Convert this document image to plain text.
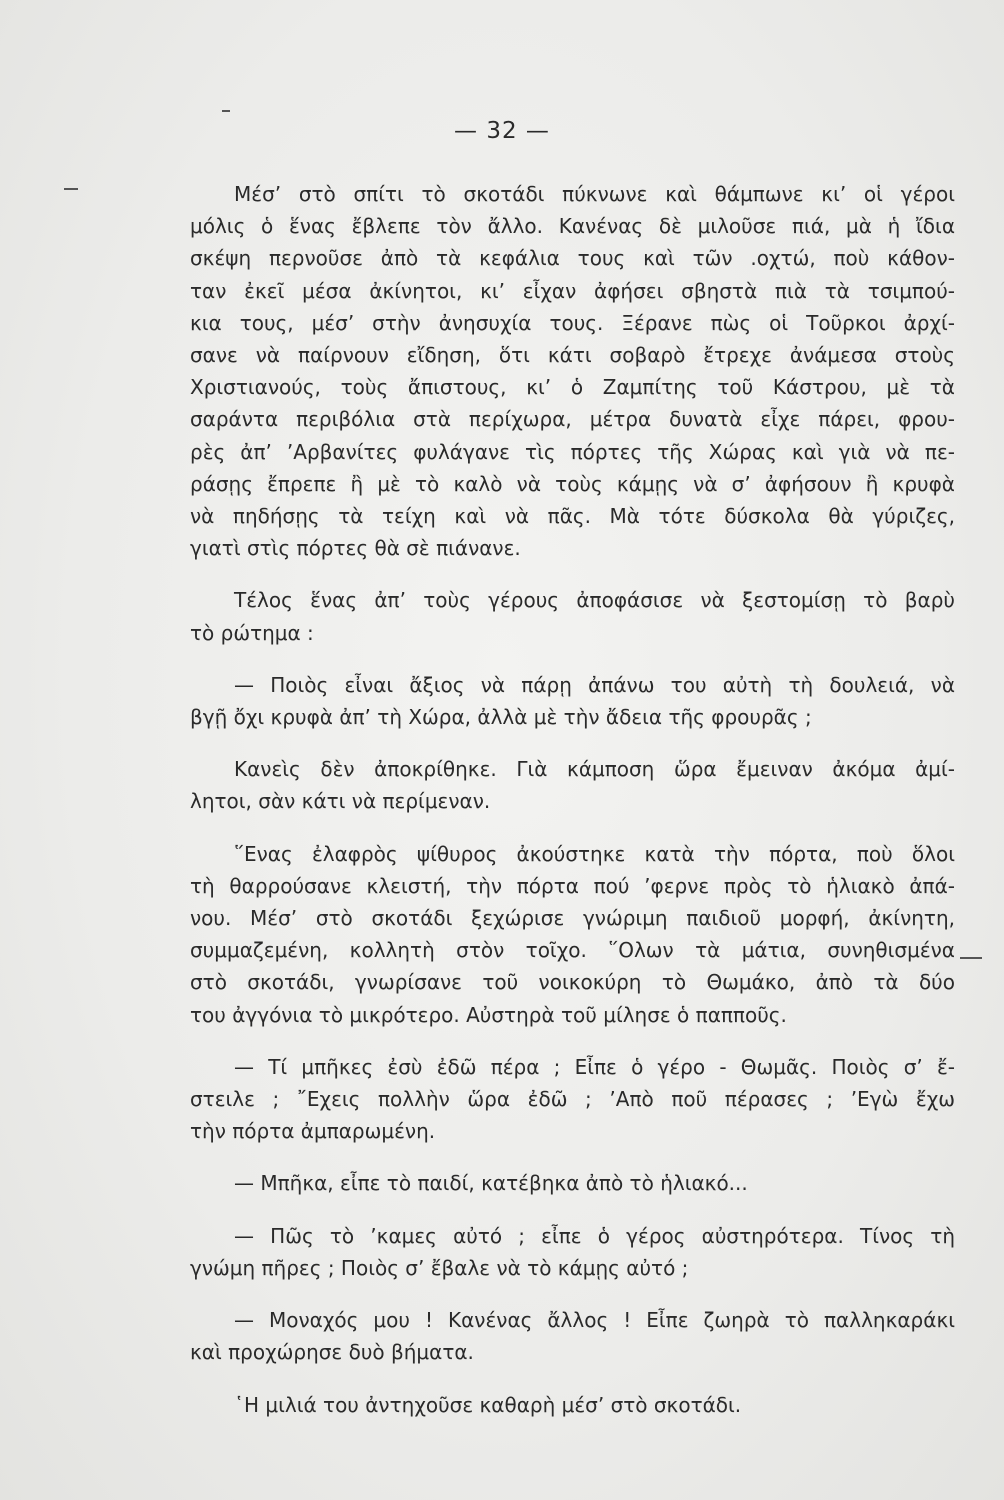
— 32 —

Μέσ’ στὸ σπίτι τὸ σκοτάδι πύκνωνε καὶ θάμπωνε κι’ οἱ γέροι
μόλις ὁ ἕνας ἔβλεπε τὸν ἄλλο. Κανένας δὲ μιλοῦσε πιά, μὰ ἡ ἴδια
σκέψη περνοῦσε ἀπὸ τὰ κεφάλια τους καὶ τῶν .οχτώ, ποὺ κάθον-
ταν ἐκεῖ μέσα ἀκίνητοι, κι’ εἶχαν ἀφήσει σβηστὰ πιὰ τὰ τσιμπού-
κια τους, μέσ’ στὴν ἀνησυχία τους. Ξέρανε πὼς οἱ Τοῦρκοι ἀρχί-
σανε νὰ παίρνουν εἴδηση, ὅτι κάτι σοβαρὸ ἔτρεχε ἀνάμεσα στοὺς
Χριστιανούς, τοὺς ἄπιστους, κι’ ὁ Ζαμπίτης τοῦ Κάστρου, μὲ τὰ
σαράντα περιβόλια στὰ περίχωρα, μέτρα δυνατὰ εἶχε πάρει, φρου-
ρὲς ἀπ’ ’Αρβανίτες φυλάγανε τὶς πόρτες τῆς Χώρας καὶ γιὰ νὰ πε-
ράσῃς ἔπρεπε ἢ μὲ τὸ καλὸ νὰ τοὺς κάμῃς νὰ σ’ ἀφήσουν ἢ κρυφὰ
νὰ πηδήσῃς τὰ τείχη καὶ νὰ πᾶς. Μὰ τότε δύσκολα θὰ γύριζες,
γιατὶ στὶς πόρτες θὰ σὲ πιάνανε.

Τέλος ἕνας ἀπ’ τοὺς γέρους ἀποφάσισε νὰ ξεστομίσῃ τὸ βαρὺ
τὸ ρώτημα :

— Ποιὸς εἶναι ἄξιος νὰ πάρῃ ἀπάνω του αὐτὴ τὴ δουλειά, νὰ
βγῇ ὄχι κρυφὰ ἀπ’ τὴ Χώρα, ἀλλὰ μὲ τὴν ἄδεια τῆς φρουρᾶς ;

Κανεὶς δὲν ἀποκρίθηκε. Γιὰ κάμποση ὥρα ἔμειναν ἀκόμα ἀμί-
λητοι, σὰν κάτι νὰ περίμεναν.

῞Ενας ἐλαφρὸς ψίθυρος ἀκούστηκε κατὰ τὴν πόρτα, ποὺ ὅλοι
τὴ θαρρούσανε κλειστή, τὴν πόρτα πού ’φερνε πρὸς τὸ ἡλιακὸ ἀπά-
νου. Μέσ’ στὸ σκοτάδι ξεχώρισε γνώριμη παιδιοῦ μορφή, ἀκίνητη,
συμμαζεμένη, κολλητὴ στὸν τοῖχο. ῞Ολων τὰ μάτια, συνηθισμένα
στὸ σκοτάδι, γνωρίσανε τοῦ νοικοκύρη τὸ Θωμάκο, ἀπὸ τὰ δύο
του ἀγγόνια τὸ μικρότερο. Αὐστηρὰ τοῦ μίλησε ὁ παπποῦς.

— Τί μπῆκες ἐσὺ ἐδῶ πέρα ; Εἶπε ὁ γέρο - Θωμᾶς. Ποιὸς σ’ ἔ-
στειλε ; ῎Εχεις πολλὴν ὥρα ἐδῶ ; ’Απὸ ποῦ πέρασες ; ’Εγὼ ἔχω
τὴν πόρτα ἀμπαρωμένη.

— Μπῆκα, εἶπε τὸ παιδί, κατέβηκα ἀπὸ τὸ ἡλιακό...

— Πῶς τὸ ’καμες αὐτό ; εἶπε ὁ γέρος αὐστηρότερα. Τίνος τὴ
γνώμη πῆρες ; Ποιὸς σ’ ἔβαλε νὰ τὸ κάμῃς αὐτό ;

— Μοναχός μου ! Κανένας ἄλλος ! Εἶπε ζωηρὰ τὸ παλληκαράκι
καὶ προχώρησε δυὸ βήματα.

῾Η μιλιά του ἀντηχοῦσε καθαρὴ μέσ’ στὸ σκοτάδι.
